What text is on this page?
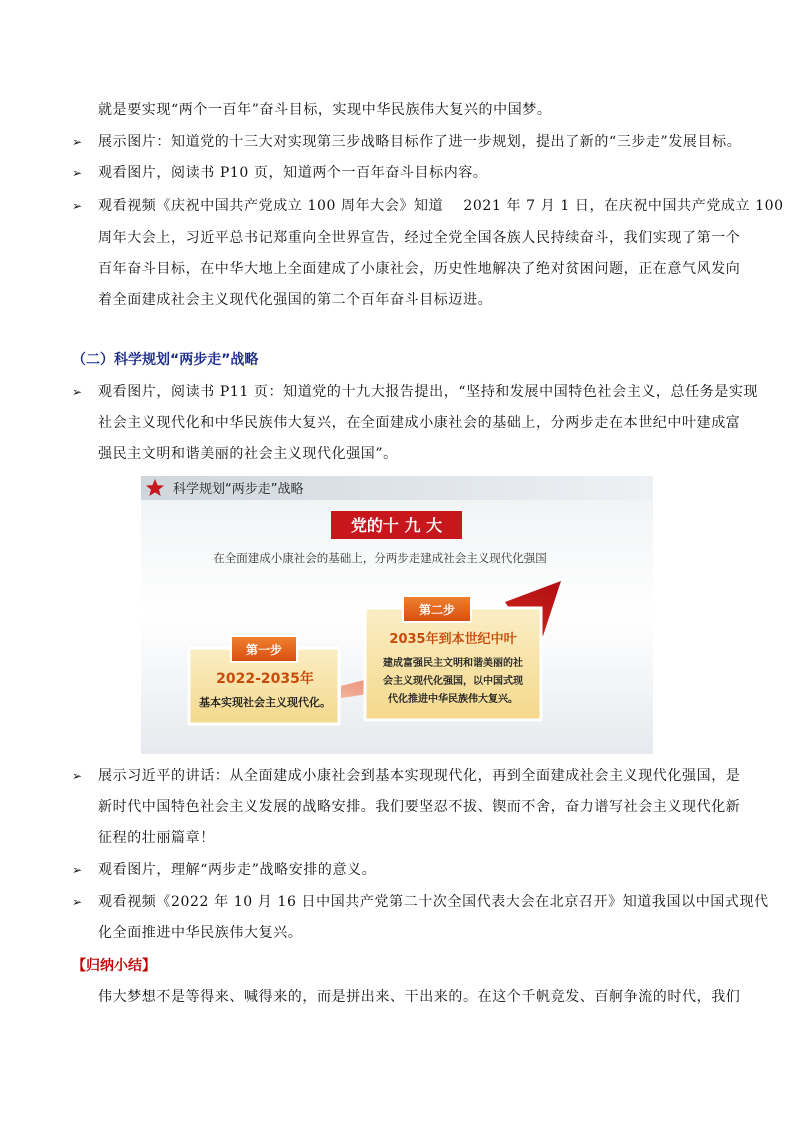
就是要实现“两个一百年”奋斗目标，实现中华民族伟大复兴的中国梦。
➢ 展示图片：知道党的十三大对实现第三步战略目标作了进一步规划，提出了新的“三步走”发展目标。
➢ 观看图片，阅读书 P10 页，知道两个一百年奋斗目标内容。
➢ 观看视频《庆祝中国共产党成立 100 周年大会》知道    2021 年 7 月 1 日，在庆祝中国共产党成立 100
周年大会上，习近平总书记郑重向全世界宣告，经过全党全国各族人民持续奋斗，我们实现了第一个
百年奋斗目标，在中华大地上全面建成了小康社会，历史性地解决了绝对贫困问题，正在意气风发向
着全面建成社会主义现代化强国的第二个百年奋斗目标迈进。
（二）科学规划“两步走”战略
➢ 观看图片，阅读书 P11 页：知道党的十九大报告提出，“坚持和发展中国特色社会主义，总任务是实现
社会主义现代化和中华民族伟大复兴，在全面建成小康社会的基础上，分两步走在本世纪中叶建成富
强民主文明和谐美丽的社会主义现代化强国”。
科学规划“两步走”战略
党的十 九 大
在全面建成小康社会的基础上，分两步走建成社会主义现代化强国
第一步
2022-2035年
基本实现社会主义现代化。
第二步
2035年到本世纪中叶
建成富强民主文明和谐美丽的社
会主义现代化强国，以中国式现
代化推进中华民族伟大复兴。
➢ 展示习近平的讲话：从全面建成小康社会到基本实现现代化，再到全面建成社会主义现代化强国，是
新时代中国特色社会主义发展的战略安排。我们要坚忍不拔、锲而不舍，奋力谱写社会主义现代化新
征程的壮丽篇章！
➢ 观看图片，理解“两步走”战略安排的意义。
➢ 观看视频《2022 年 10 月 16 日中国共产党第二十次全国代表大会在北京召开》知道我国以中国式现代
化全面推进中华民族伟大复兴。
【归纳小结】
伟大梦想不是等得来、喊得来的，而是拼出来、干出来的。在这个千帆竞发、百舸争流的时代，我们
